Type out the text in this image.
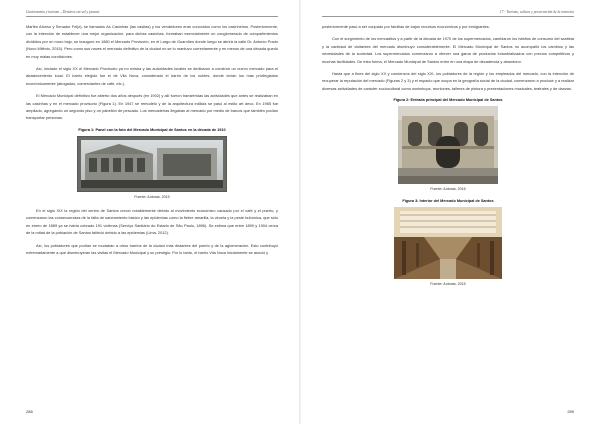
Gastronomia y turismo – Destinos sin sal y picante

Martim Afonso y Senador Feijó), se llamados As Casinhas (las casitas) y los vendedores eran conocidos como los casinheiros. Posteriormente, con la intención de establecer una mejor organización, para dichas casinhas, formaban esencialmente un conglomerado de compartimientos divididos por un muro bajo, se inauguró en 1880 el Mercado Provisorio, en el Largo de Guarnões donde luego se abrirá la calle Dr. Antonio Prado (Novo Milênio, 2015). Pero como sus naves el mercado definitivo de la ciudad no se lo mantuvo correctamente y en menos de una década quedó en muy malas condiciones.

Así, iniciado el siglo XX el Mercado Provisorio ya no existía y las autoridades locales se dedicaron a construir un nuevo mercado para el abastecimiento local. El barrio elegido fue el de Vila Nova, considerado el barrio de los nobles, donde vivían los más privilegiados económicamente (abogados, comerciantes de café, etc.).

El Mercado Municipal definitivo fue abierto dos años después (en 1902) y allí fueron transferidas las actividades que antes se realizaban en las casinhas y en el mercado provisorio (Figura 1). En 1947 se remodeló y de la arquitectura edilicia se pasó al estilo art deco. En 1965 fue ampliado, agregando un segundo piso y un pabellón de pescado. Los mercaderías llegaban al mercado por medio de barcos que también podían transportar personas.

Figura 1: Panel con la foto del Mercado Municipal de Santos en la década de 1910
Fuente: Autoras, 2015

En el siglo XIX la región del centro de Santos creció notablemente debido al movimiento económico causado por el café y el puerto, y comenzaron las consecuencias de la falta de saneamiento básico y las epidemias como la fiebre amarilla, la viruela y la peste bubónica, que sólo en enero de 1889 ya se había cobrado 191 víctimas (Serviço Sanitário do Estado de São Paulo, 1896). Se estima que entre 1890 y 1904 cerca de la mitad de la población de Santos falleció debido a las epidemias (Lima, 2012).

Así, los pobladores que podían se mudaban a otros barrios de la ciudad más distantes del puerto y de la aglomeración. Esto contribuyó extremadamente a que disminuyeran las visitas el Mercado Municipal y su prestigio. Por lo tanto, el barrio Vila Nova inicialmente se asoció y

288
17 - Turismo, cultura y preservación de la memoria

posteriormente pasó a ser ocupado por familias de bajos recursos económicos y por inmigrantes.

Con el surgimiento de los mercaditos y a partir de la década de 1970 de los supermercados, cambiaron los hábitos de consumo del santista y la cantidad de visitantes del mercado disminuyó considerablemente. El Mercado Municipal de Santos no acompañó los cambios y las necesidades de la sociedad. Los supermercados comenzaron a ofrecer una gama de productos industrializados con precios competitivos y muchas facilidades. De esta forma, el Mercado Municipal de Santos entró en una etapa de decadencia y abandono.

Hasta que a fines del siglo XX y comienzos del siglo XXI, los pobladores de la región y los empleados del mercado, con la intención de recuperar la reputación del mercado (Figuras 2 y 3) y el espacio que ocupa en la geografía social de la ciudad, comenzaron a producir y a realizar diversas actividades de carácter sociocultural como workshops, reuniones, talleres de pintura y presentaciones musicales, teatrales y de danzas.

Figura 2: Entrada principal del Mercado Municipal de Santos
Fuente: Autoras, 2016
Figura 3: Interior del Mercado Municipal de Santos
Fuente: Autoras, 2015
289
